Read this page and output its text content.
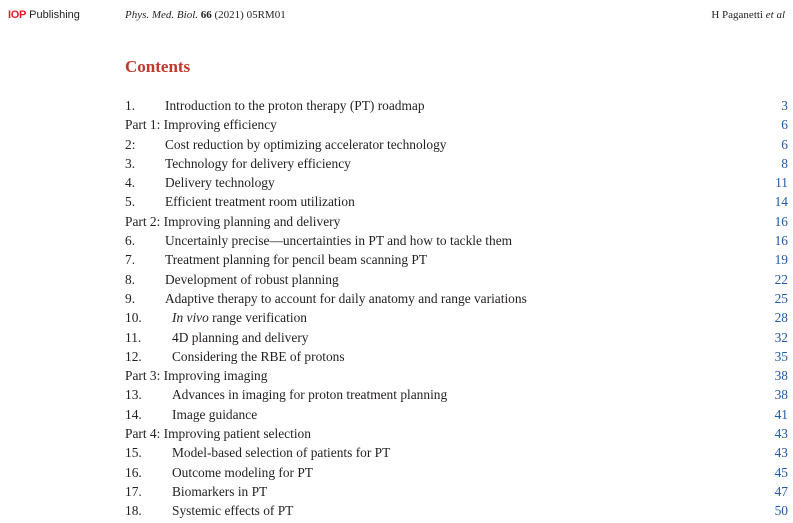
IOP Publishing	Phys. Med. Biol. 66 (2021) 05RM01	H Paganetti et al
Contents
1. Introduction to the proton therapy (PT) roadmap	3
Part 1: Improving efficiency	6
2: Cost reduction by optimizing accelerator technology	6
3. Technology for delivery efficiency	8
4. Delivery technology	11
5. Efficient treatment room utilization	14
Part 2: Improving planning and delivery	16
6. Uncertainly precise—uncertainties in PT and how to tackle them	16
7. Treatment planning for pencil beam scanning PT	19
8. Development of robust planning	22
9. Adaptive therapy to account for daily anatomy and range variations	25
10. In vivo range verification	28
11. 4D planning and delivery	32
12. Considering the RBE of protons	35
Part 3: Improving imaging	38
13. Advances in imaging for proton treatment planning	38
14. Image guidance	41
Part 4: Improving patient selection	43
15. Model-based selection of patients for PT	43
16. Outcome modeling for PT	45
17. Biomarkers in PT	47
18. Systemic effects of PT	50
